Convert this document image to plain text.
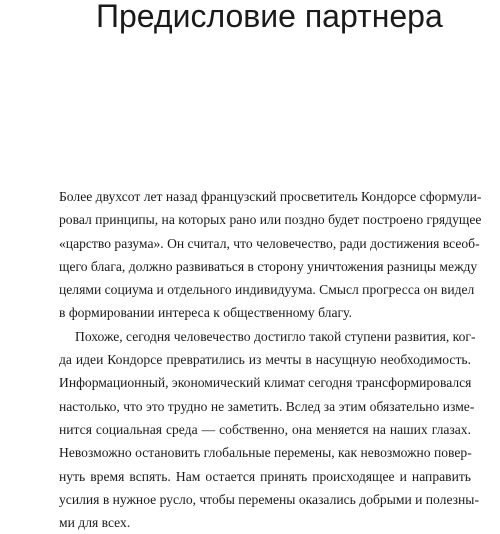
Предисловие партнера
Более двухсот лет назад французский просветитель Кондорсе сформули-
ровал принципы, на которых рано или поздно будет построено грядущее
«царство разума». Он считал, что человечество, ради достижения всеоб-
щего блага, должно развиваться в сторону уничтожения разницы между
целями социума и отдельного индивидуума. Смысл прогресса он видел
в формировании интереса к общественному благу.
Похоже, сегодня человечество достигло такой ступени развития, ког-
да идеи Кондорсе превратились из мечты в насущную необходимость.
Информационный, экономический климат сегодня трансформировался
настолько, что это трудно не заметить. Вслед за этим обязательно изме-
нится социальная среда — собственно, она меняется на наших глазах.
Невозможно остановить глобальные перемены, как невозможно повер-
нуть время вспять. Нам остается принять происходящее и направить
усилия в нужное русло, чтобы перемены оказались добрыми и полезны-
ми для всех.
